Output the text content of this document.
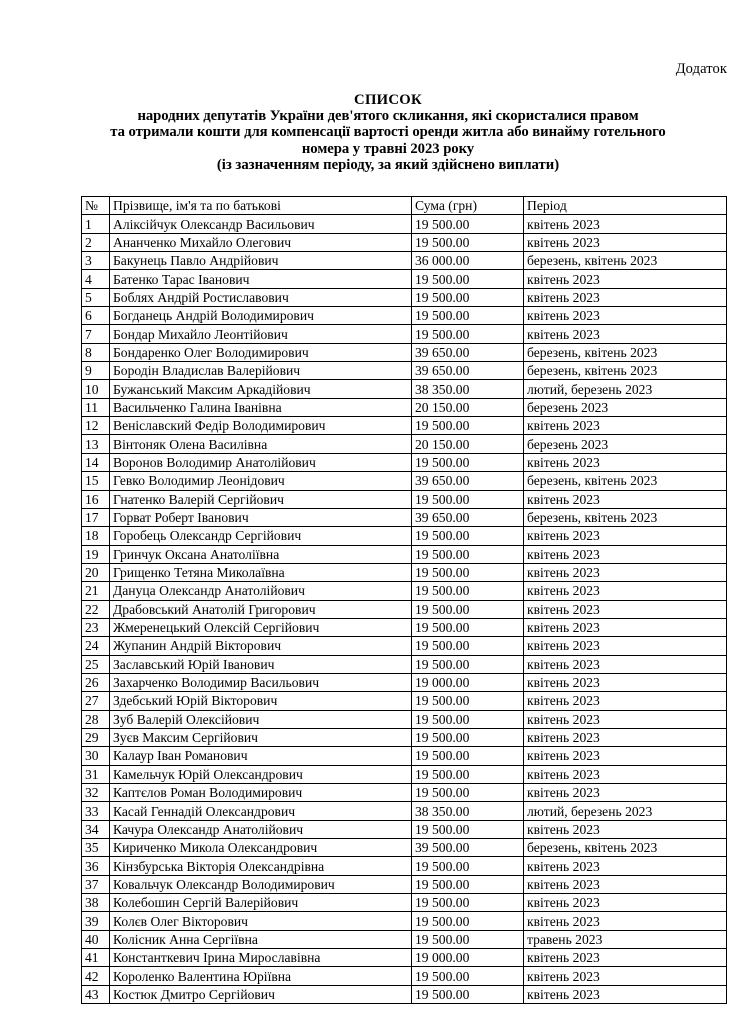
Додаток
СПИСОК
народних депутатів України дев'ятого скликання, які скористалися правом
та отримали кошти для компенсації вартості оренди житла або винайму готельного
номера у травні 2023 року
(із зазначенням періоду, за який здійснено виплати)
№	Прізвище, ім'я та по батькові	Сума (грн)	Період
1	Аліксійчук Олександр Васильович	19 500.00	квітень 2023
2	Ананченко Михайло Олегович	19 500.00	квітень 2023
3	Бакунець Павло Андрійович	36 000.00	березень, квітень 2023
4	Батенко Тарас Іванович	19 500.00	квітень 2023
5	Боблях Андрій Ростиславович	19 500.00	квітень 2023
6	Богданець Андрій Володимирович	19 500.00	квітень 2023
7	Бондар Михайло Леонтійович	19 500.00	квітень 2023
8	Бондаренко Олег Володимирович	39 650.00	березень, квітень 2023
9	Бородін Владислав Валерійович	39 650.00	березень, квітень 2023
10	Бужанський Максим Аркадійович	38 350.00	лютий, березень 2023
11	Васильченко Галина Іванівна	20 150.00	березень 2023
12	Веніславский Федір Володимирович	19 500.00	квітень 2023
13	Вінтоняк Олена Василівна	20 150.00	березень 2023
14	Воронов Володимир Анатолійович	19 500.00	квітень 2023
15	Гевко Володимир Леонідович	39 650.00	березень, квітень 2023
16	Гнатенко Валерій Сергійович	19 500.00	квітень 2023
17	Горват Роберт Іванович	39 650.00	березень, квітень 2023
18	Горобець Олександр Сергійович	19 500.00	квітень 2023
19	Гринчук Оксана Анатоліївна	19 500.00	квітень 2023
20	Грищенко Тетяна Миколаївна	19 500.00	квітень 2023
21	Дануца Олександр Анатолійович	19 500.00	квітень 2023
22	Драбовський Анатолій Григорович	19 500.00	квітень 2023
23	Жмеренецький Олексій Сергійович	19 500.00	квітень 2023
24	Жупанин Андрій Вікторович	19 500.00	квітень 2023
25	Заславський Юрій Іванович	19 500.00	квітень 2023
26	Захарченко Володимир Васильович	19 000.00	квітень 2023
27	Здебський Юрій Вікторович	19 500.00	квітень 2023
28	Зуб Валерій Олексійович	19 500.00	квітень 2023
29	Зуєв Максим Сергійович	19 500.00	квітень 2023
30	Калаур Іван Романович	19 500.00	квітень 2023
31	Камельчук Юрій Олександрович	19 500.00	квітень 2023
32	Каптєлов Роман Володимирович	19 500.00	квітень 2023
33	Касай Геннадій Олександрович	38 350.00	лютий, березень 2023
34	Качура Олександр Анатолійович	19 500.00	квітень 2023
35	Кириченко Микола Олександрович	39 500.00	березень, квітень 2023
36	Кінзбурська Вікторія Олександрівна	19 500.00	квітень 2023
37	Ковальчук Олександр Володимирович	19 500.00	квітень 2023
38	Колебошин Сергій Валерійович	19 500.00	квітень 2023
39	Колєв Олег Вікторович	19 500.00	квітень 2023
40	Колісник Анна Сергіївна	19 500.00	травень 2023
41	Константкевич Ірина Мирославівна	19 000.00	квітень 2023
42	Короленко Валентина Юріївна	19 500.00	квітень 2023
43	Костюк Дмитро Сергійович	19 500.00	квітень 2023
